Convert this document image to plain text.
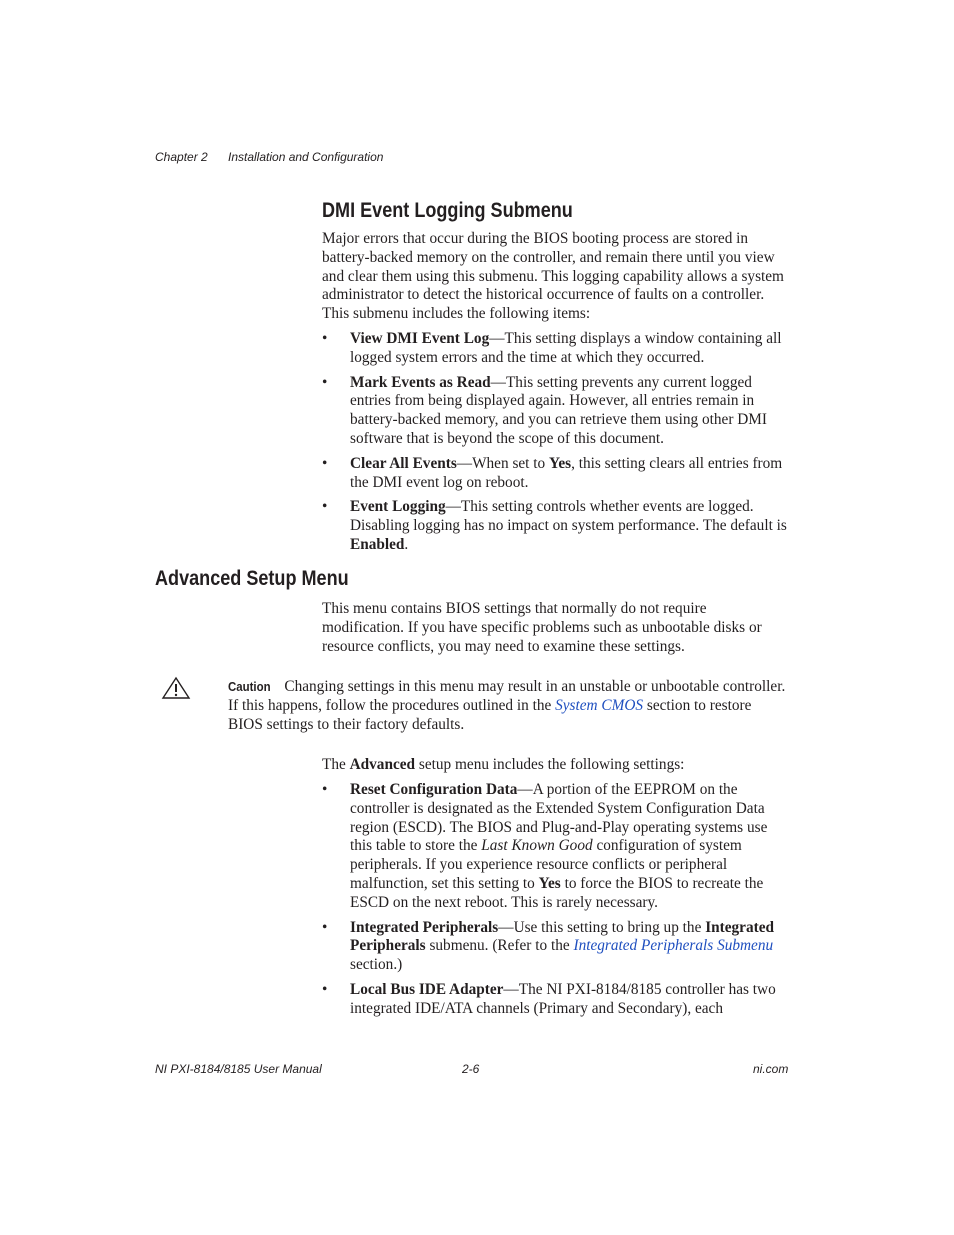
Chapter 2 Installation and Configuration
DMI Event Logging Submenu
Major errors that occur during the BIOS booting process are stored in battery-backed memory on the controller, and remain there until you view and clear them using this submenu. This logging capability allows a system administrator to detect the historical occurrence of faults on a controller. This submenu includes the following items:
• View DMI Event Log—This setting displays a window containing all logged system errors and the time at which they occurred.
• Mark Events as Read—This setting prevents any current logged entries from being displayed again. However, all entries remain in battery-backed memory, and you can retrieve them using other DMI software that is beyond the scope of this document.
• Clear All Events—When set to Yes, this setting clears all entries from the DMI event log on reboot.
• Event Logging—This setting controls whether events are logged. Disabling logging has no impact on system performance. The default is Enabled.
Advanced Setup Menu
This menu contains BIOS settings that normally do not require modification. If you have specific problems such as unbootable disks or resource conflicts, you may need to examine these settings.
Caution Changing settings in this menu may result in an unstable or unbootable controller. If this happens, follow the procedures outlined in the System CMOS section to restore BIOS settings to their factory defaults.
The Advanced setup menu includes the following settings:
• Reset Configuration Data—A portion of the EEPROM on the controller is designated as the Extended System Configuration Data region (ESCD). The BIOS and Plug-and-Play operating systems use this table to store the Last Known Good configuration of system peripherals. If you experience resource conflicts or peripheral malfunction, set this setting to Yes to force the BIOS to recreate the ESCD on the next reboot. This is rarely necessary.
• Integrated Peripherals—Use this setting to bring up the Integrated Peripherals submenu. (Refer to the Integrated Peripherals Submenu section.)
• Local Bus IDE Adapter—The NI PXI-8184/8185 controller has two integrated IDE/ATA channels (Primary and Secondary), each
NI PXI-8184/8185 User Manual	2-6	ni.com
